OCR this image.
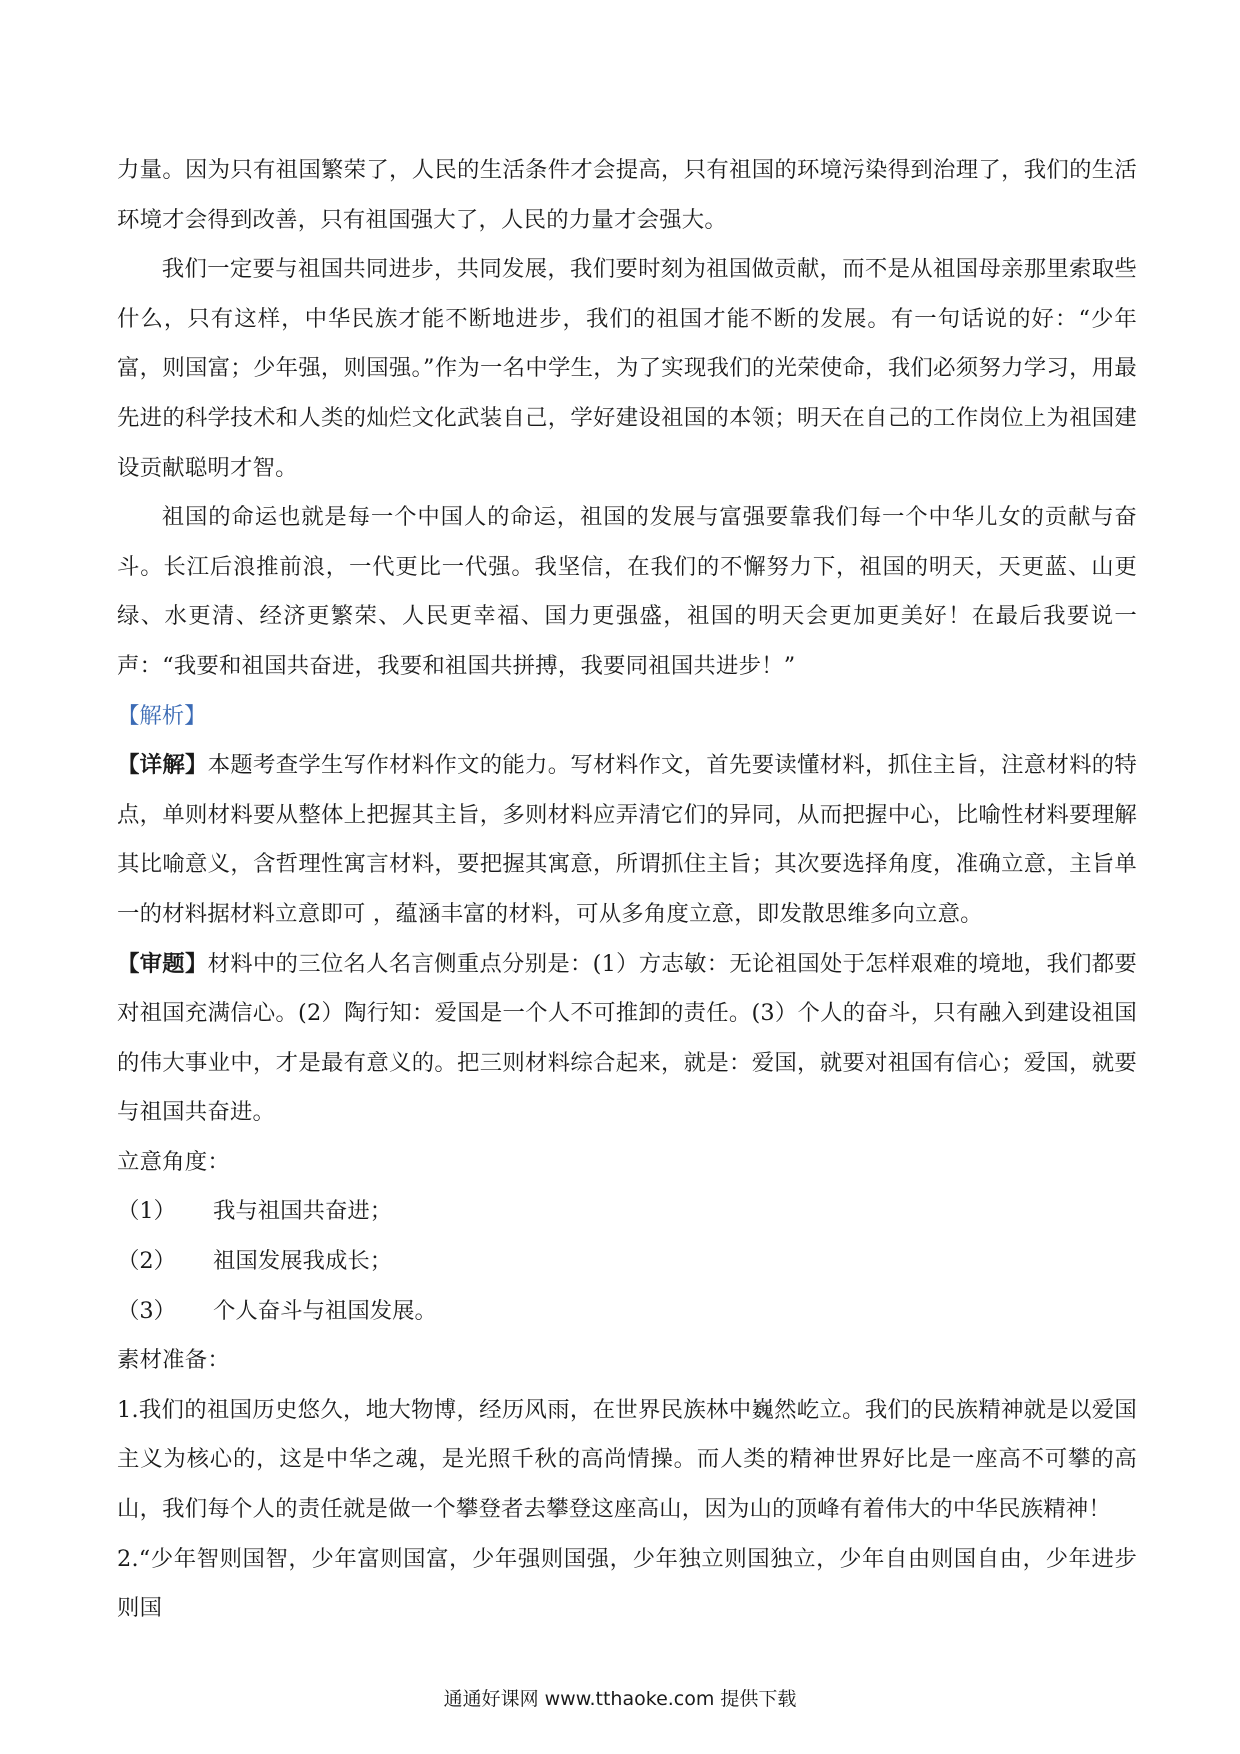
力量。因为只有祖国繁荣了，人民的生活条件才会提高，只有祖国的环境污染得到治理了，我们的生活环境才会得到改善，只有祖国强大了，人民的力量才会强大。

我们一定要与祖国共同进步，共同发展，我们要时刻为祖国做贡献，而不是从祖国母亲那里索取些什么，只有这样，中华民族才能不断地进步，我们的祖国才能不断的发展。有一句话说的好：“少年富，则国富；少年强，则国强。”作为一名中学生，为了实现我们的光荣使命，我们必须努力学习，用最先进的科学技术和人类的灿烂文化武装自己，学好建设祖国的本领；明天在自己的工作岗位上为祖国建设贡献聪明才智。

祖国的命运也就是每一个中国人的命运，祖国的发展与富强要靠我们每一个中华儿女的贡献与奋斗。长江后浪推前浪，一代更比一代强。我坚信，在我们的不懈努力下，祖国的明天，天更蓝、山更绿、水更清、经济更繁荣、人民更幸福、国力更强盛，祖国的明天会更加更美好！在最后我要说一声：“我要和祖国共奋进，我要和祖国共拼搏，我要同祖国共进步！”

【解析】

【详解】本题考查学生写作材料作文的能力。写材料作文，首先要读懂材料，抓住主旨，注意材料的特点，单则材料要从整体上把握其主旨，多则材料应弄清它们的异同，从而把握中心，比喻性材料要理解其比喻意义，含哲理性寓言材料，要把握其寓意，所谓抓住主旨；其次要选择角度，准确立意，主旨单一的材料据材料立意即可 ，蕴涵丰富的材料，可从多角度立意，即发散思维多向立意。

【审题】材料中的三位名人名言侧重点分别是：(1）方志敏：无论祖国处于怎样艰难的境地，我们都要对祖国充满信心。(2）陶行知：爱国是一个人不可推卸的责任。(3）个人的奋斗，只有融入到建设祖国的伟大事业中，才是最有意义的。把三则材料综合起来，就是：爱国，就要对祖国有信心；爱国，就要与祖国共奋进。

立意角度：

（1）	我与祖国共奋进；
（2）	祖国发展我成长；
（3）	个人奋斗与祖国发展。

素材准备：

1.我们的祖国历史悠久，地大物博，经历风雨，在世界民族林中巍然屹立。我们的民族精神就是以爱国主义为核心的，这是中华之魂，是光照千秋的高尚情操。而人类的精神世界好比是一座高不可攀的高山，我们每个人的责任就是做一个攀登者去攀登这座高山，因为山的顶峰有着伟大的中华民族精神！

2.“少年智则国智，少年富则国富，少年强则国强，少年独立则国独立，少年自由则国自由，少年进步则国

通通好课网 www.tthaoke.com 提供下载
